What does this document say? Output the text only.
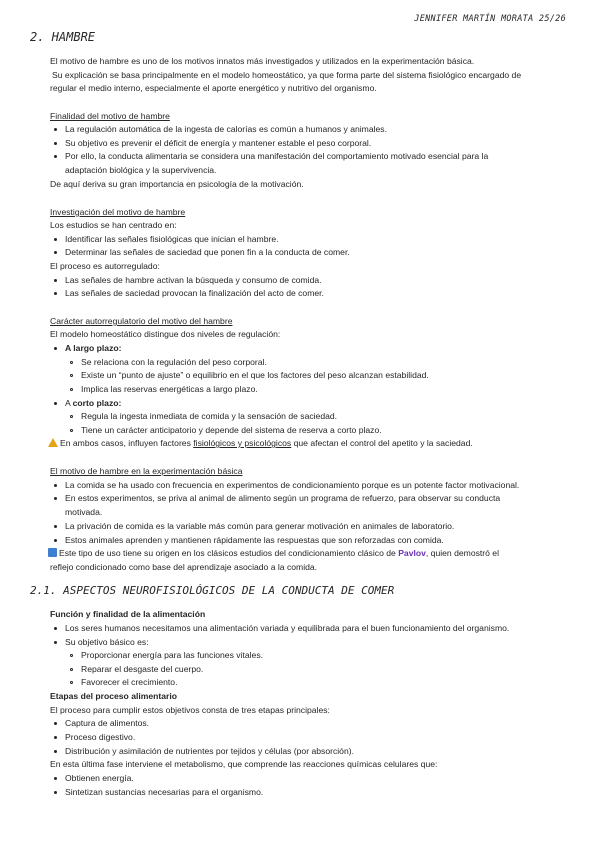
JENNIFER MARTÍN MORATA 25/26
2. HAMBRE
El motivo de hambre es uno de los motivos innatos más investigados y utilizados en la experimentación básica.
Su explicación se basa principalmente en el modelo homeostático, ya que forma parte del sistema fisiológico encargado de
regular el medio interno, especialmente el aporte energético y nutritivo del organismo.
Finalidad del motivo de hambre
La regulación automática de la ingesta de calorías es común a humanos y animales.
Su objetivo es prevenir el déficit de energía y mantener estable el peso corporal.
Por ello, la conducta alimentaria se considera una manifestación del comportamiento motivado esencial para la
adaptación biológica y la supervivencia.
De aquí deriva su gran importancia en psicología de la motivación.
Investigación del motivo de hambre
Los estudios se han centrado en:
Identificar las señales fisiológicas que inician el hambre.
Determinar las señales de saciedad que ponen fin a la conducta de comer.
El proceso es autorregulado:
Las señales de hambre activan la búsqueda y consumo de comida.
Las señales de saciedad provocan la finalización del acto de comer.
Carácter autorregulatorio del motivo del hambre
El modelo homeostático distingue dos niveles de regulación:
A largo plazo:
Se relaciona con la regulación del peso corporal.
Existe un “punto de ajuste” o equilibrio en el que los factores del peso alcanzan estabilidad.
Implica las reservas energéticas a largo plazo.
A corto plazo:
Regula la ingesta inmediata de comida y la sensación de saciedad.
Tiene un carácter anticipatorio y depende del sistema de reserva a corto plazo.
En ambos casos, influyen factores fisiológicos y psicológicos que afectan el control del apetito y la saciedad.
El motivo de hambre en la experimentación básica
La comida se ha usado con frecuencia en experimentos de condicionamiento porque es un potente factor motivacional.
En estos experimentos, se priva al animal de alimento según un programa de refuerzo, para observar su conducta
motivada.
La privación de comida es la variable más común para generar motivación en animales de laboratorio.
Estos animales aprenden y mantienen rápidamente las respuestas que son reforzadas con comida.
Este tipo de uso tiene su origen en los clásicos estudios del condicionamiento clásico de Pavlov, quien demostró el
reflejo condicionado como base del aprendizaje asociado a la comida.
2.1. ASPECTOS NEUROFISIOLÓGICOS DE LA CONDUCTA DE COMER
Función y finalidad de la alimentación
Los seres humanos necesitamos una alimentación variada y equilibrada para el buen funcionamiento del organismo.
Su objetivo básico es:
Proporcionar energía para las funciones vitales.
Reparar el desgaste del cuerpo.
Favorecer el crecimiento.
Etapas del proceso alimentario
El proceso para cumplir estos objetivos consta de tres etapas principales:
Captura de alimentos.
Proceso digestivo.
Distribución y asimilación de nutrientes por tejidos y células (por absorción).
En esta última fase interviene el metabolismo, que comprende las reacciones químicas celulares que:
Obtienen energía.
Sintetizan sustancias necesarias para el organismo.
